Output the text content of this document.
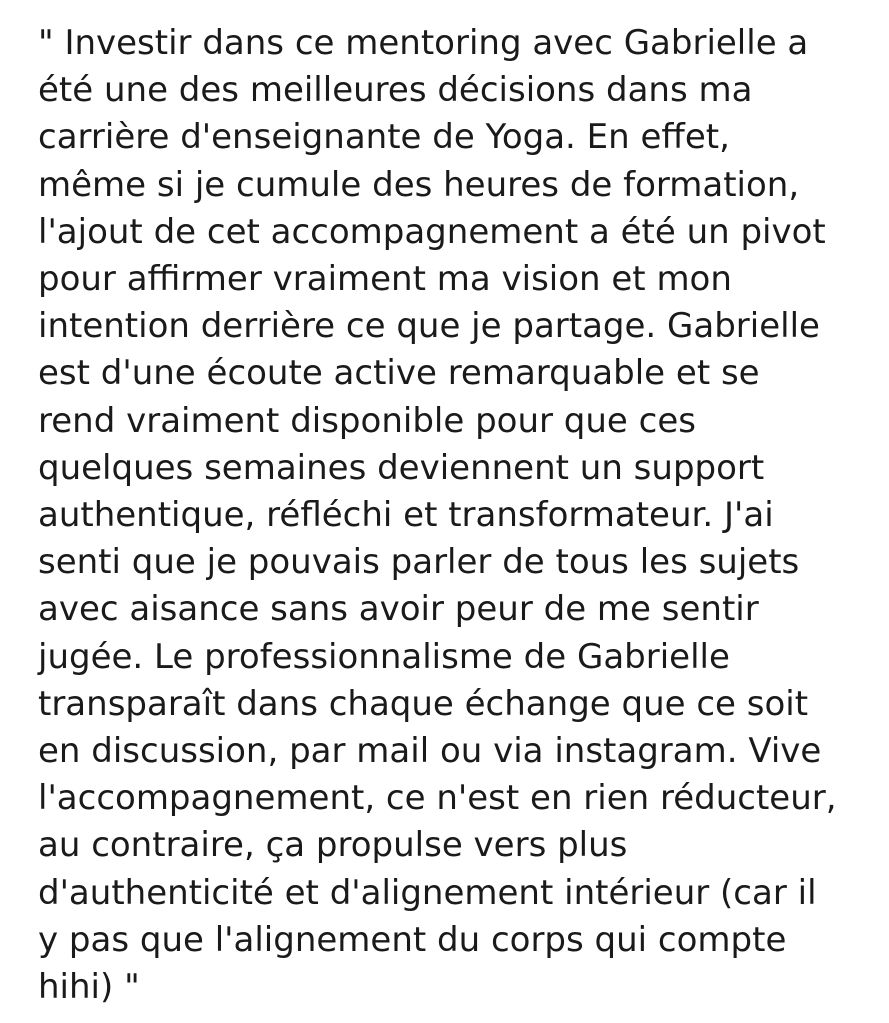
" Investir dans ce mentoring avec Gabrielle a
été une des meilleures décisions dans ma
carrière d'enseignante de Yoga. En effet,
même si je cumule des heures de formation,
l'ajout de cet accompagnement a été un pivot
pour affirmer vraiment ma vision et mon
intention derrière ce que je partage. Gabrielle
est d'une écoute active remarquable et se
rend vraiment disponible pour que ces
quelques semaines deviennent un support
authentique, réfléchi et transformateur. J'ai
senti que je pouvais parler de tous les sujets
avec aisance sans avoir peur de me sentir
jugée. Le professionnalisme de Gabrielle
transparaît dans chaque échange que ce soit
en discussion, par mail ou via instagram. Vive
l'accompagnement, ce n'est en rien réducteur,
au contraire, ça propulse vers plus
d'authenticité et d'alignement intérieur (car il
y pas que l'alignement du corps qui compte
hihi) "
